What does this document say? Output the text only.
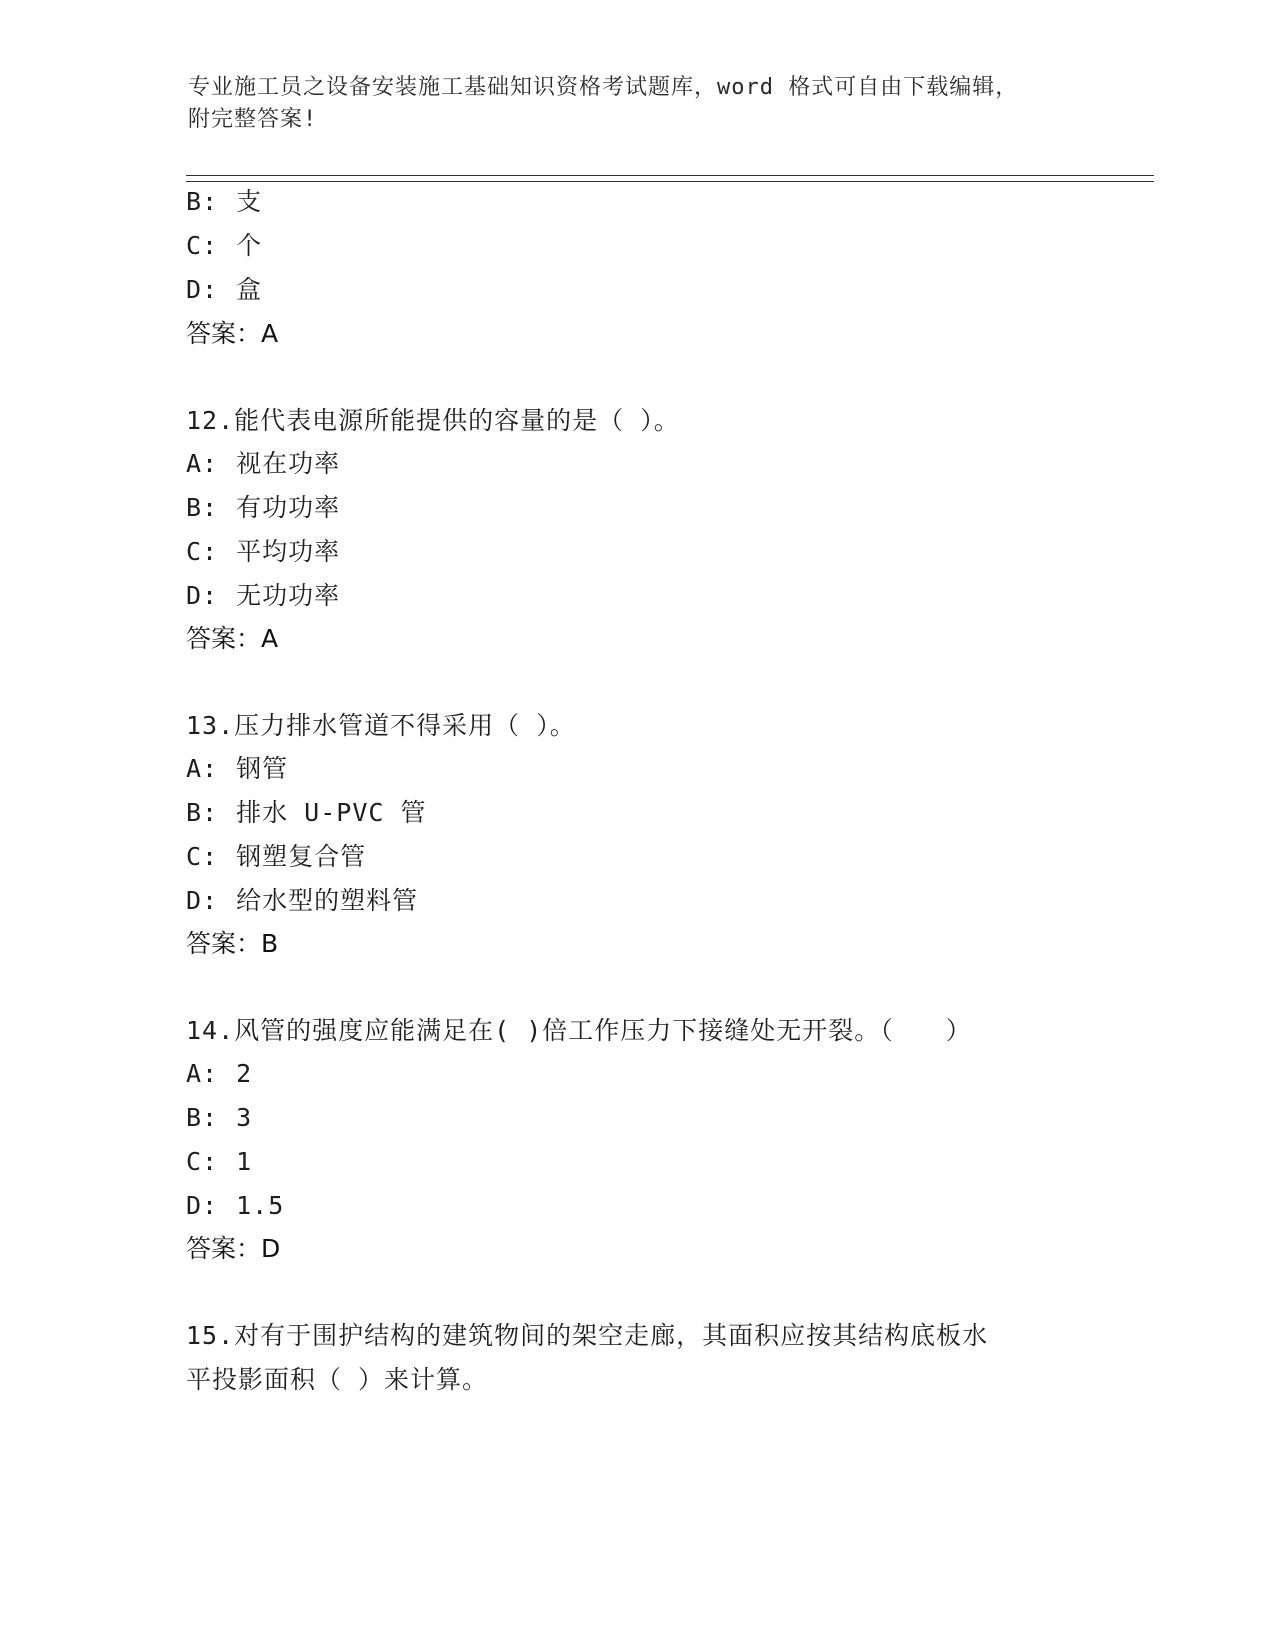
专业施工员之设备安装施工基础知识资格考试题库，word 格式可自由下载编辑，
附完整答案!
B: 支
C: 个
D: 盒
答案：A
12.能代表电源所能提供的容量的是（ ）。
A: 视在功率
B: 有功功率
C: 平均功率
D: 无功功率
答案：A
13.压力排水管道不得采用（ ）。
A: 钢管
B: 排水 U-PVC 管
C: 钢塑复合管
D: 给水型的塑料管
答案：B
14.风管的强度应能满足在( )倍工作压力下接缝处无开裂。（　　）
A: 2
B: 3
C: 1
D: 1.5
答案：D
15.对有于围护结构的建筑物间的架空走廊，其面积应按其结构底板水
平投影面积（ ）来计算。
